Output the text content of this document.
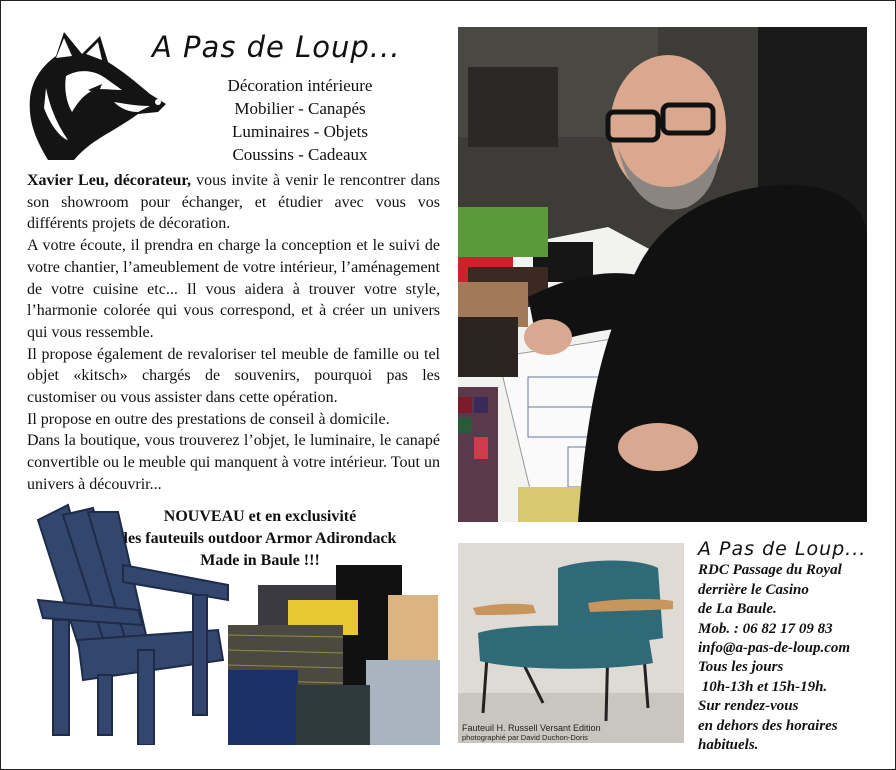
A Pas de Loup...
Décoration intérieure
Mobilier - Canapés
Luminaires - Objets
Coussins - Cadeaux

Xavier Leu, décorateur, vous invite à venir le rencontrer dans son showroom pour échanger, et étudier avec vous vos différents projets de décoration.

A votre écoute, il prendra en charge la conception et le suivi de votre chantier, l’ameublement de votre intérieur, l’aménagement de votre cuisine etc... Il vous aidera à trouver votre style, l’harmonie colorée qui vous correspond, et à créer un univers qui vous ressemble.

Il propose également de revaloriser tel meuble de famille ou tel objet «kitsch» chargés de souvenirs, pourquoi pas les customiser ou vous assister dans cette opération.

Il propose en outre des prestations de conseil à domicile.

Dans la boutique, vous trouverez l’objet, le luminaire, le canapé convertible ou le meuble qui manquent à votre intérieur. Tout un univers à découvrir...

NOUVEAU et en exclusivité
les fauteuils outdoor Armor Adirondack
Made in Baule !!!
Fauteuil H. Russell Versant Edition
photographié par David Duchon-Doris
A Pas de Loup...
RDC Passage du Royal
derrière le Casino
de La Baule.
Mob. : 06 82 17 09 83
info@a-pas-de-loup.com
Tous les jours
10h-13h et 15h-19h.
Sur rendez-vous
en dehors des horaires
habituels.
